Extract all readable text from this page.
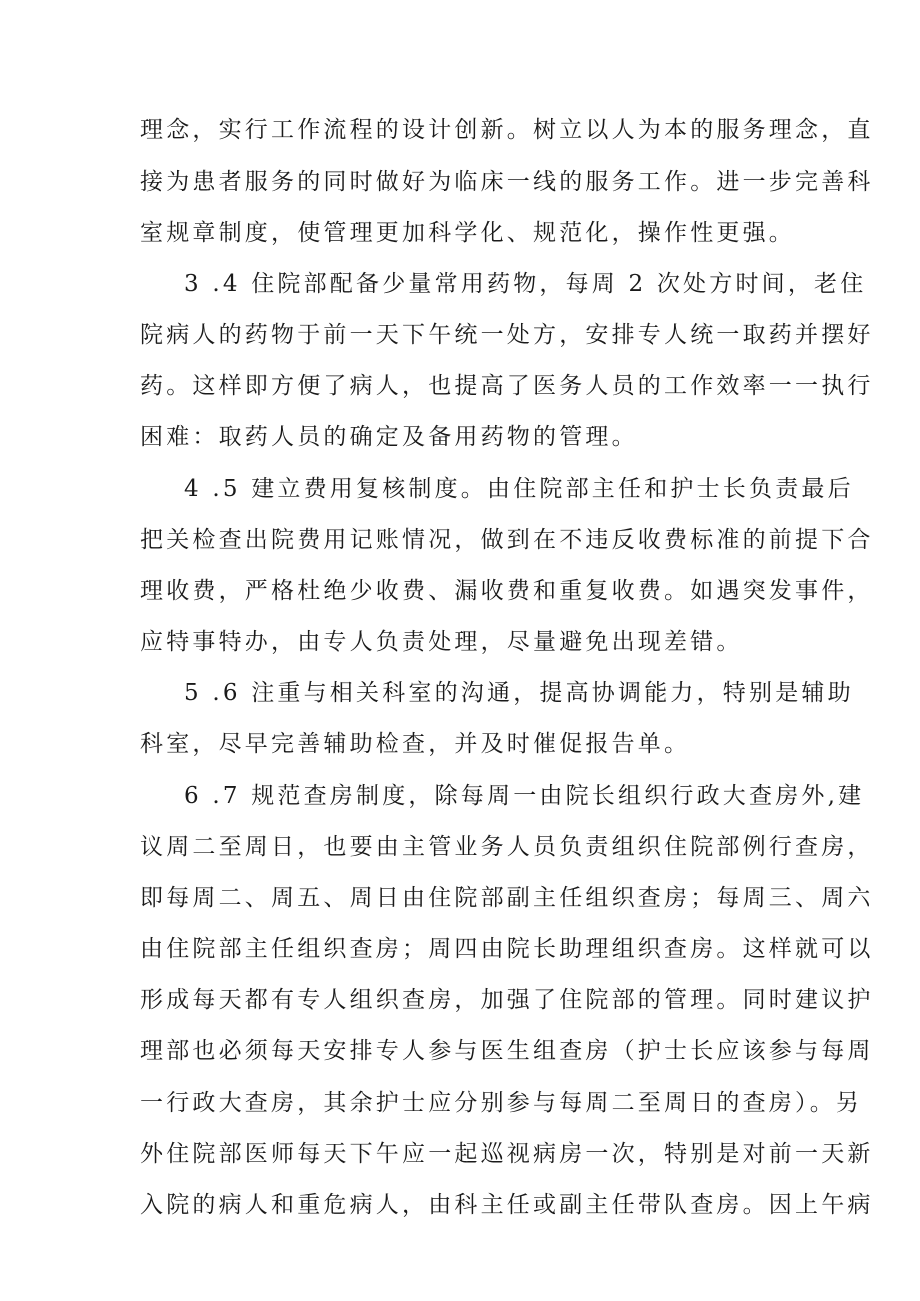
理念，实行工作流程的设计创新。树立以人为本的服务理念，直
接为患者服务的同时做好为临床一线的服务工作。进一步完善科
室规章制度，使管理更加科学化、规范化，操作性更强。
3 .4 住院部配备少量常用药物，每周 2 次处方时间，老住
院病人的药物于前一天下午统一处方，安排专人统一取药并摆好
药。这样即方便了病人，也提高了医务人员的工作效率一一执行
困难：取药人员的确定及备用药物的管理。
4 .5 建立费用复核制度。由住院部主任和护士长负责最后
把关检查出院费用记账情况，做到在不违反收费标准的前提下合
理收费，严格杜绝少收费、漏收费和重复收费。如遇突发事件，
应特事特办，由专人负责处理，尽量避免出现差错。
5 .6 注重与相关科室的沟通，提高协调能力，特别是辅助
科室，尽早完善辅助检查，并及时催促报告单。
6 .7 规范查房制度，除每周一由院长组织行政大查房外,建
议周二至周日，也要由主管业务人员负责组织住院部例行查房，
即每周二、周五、周日由住院部副主任组织查房；每周三、周六
由住院部主任组织查房；周四由院长助理组织查房。这样就可以
形成每天都有专人组织查房，加强了住院部的管理。同时建议护
理部也必须每天安排专人参与医生组查房（护士长应该参与每周
一行政大查房，其余护士应分别参与每周二至周日的查房）。另
外住院部医师每天下午应一起巡视病房一次，特别是对前一天新
入院的病人和重危病人，由科主任或副主任带队查房。因上午病
